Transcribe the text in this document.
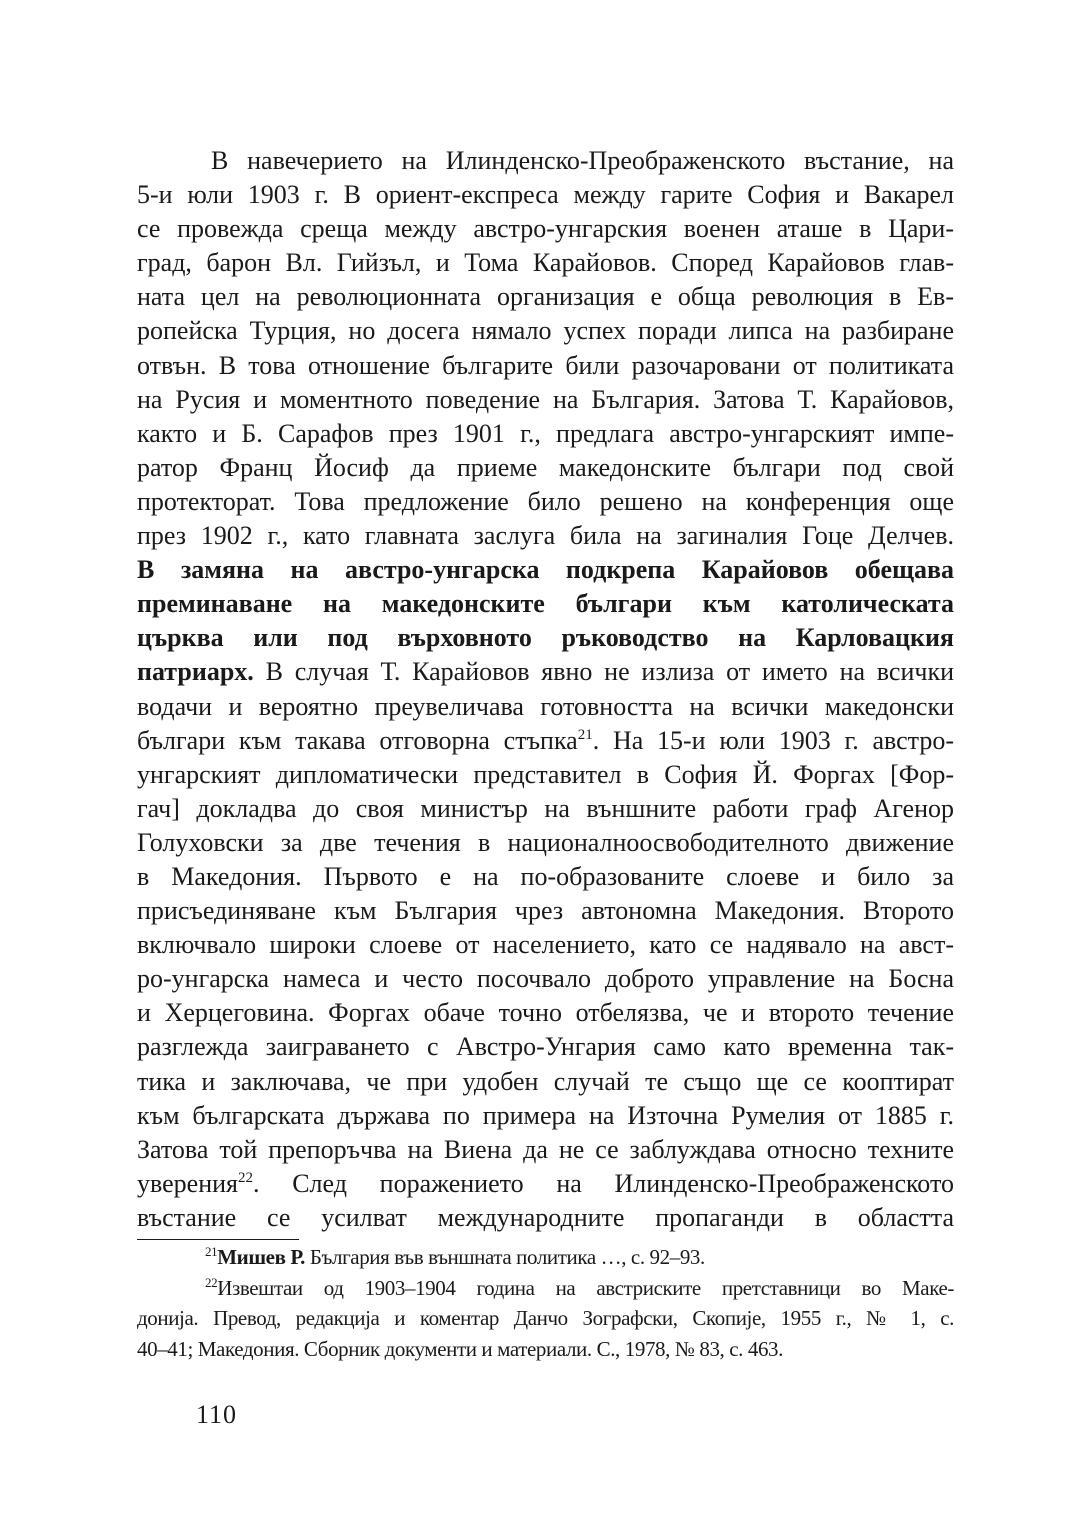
В навечерието на Илинденско-Преображенското въстание, на
5-и юли 1903 г. В ориент-експреса между гарите София и Вакарел
се провежда среща между австро-унгарския военен аташе в Цари-
град, барон Вл. Гийзъл, и Тома Карайовов. Според Карайовов глав-
ната цел на революционната организация е обща революция в Ев-
ропейска Турция, но досега нямало успех поради липса на разбиране
отвън. В това отношение българите били разочаровани от политиката
на Русия и моментното поведение на България. Затова Т. Карайовов,
както и Б. Сарафов през 1901 г., предлага австро-унгарският импе-
ратор Франц Йосиф да приеме македонските българи под свой
протекторат. Това предложение било решено на конференция още
през 1902 г., като главната заслуга била на загиналия Гоце Делчев.
В замяна на австро-унгарска подкрепа Карайовов обещава
преминаване на македонските българи към католическата
църква или под върховното ръководство на Карловацкия
патриарх. В случая Т. Карайовов явно не излиза от името на всички
водачи и вероятно преувеличава готовността на всички македонски
българи към такава отговорна стъпка$^{21}$. На 15-и юли 1903 г. австро-
унгарският дипломатически представител в София Й. Форгах [Фор-
гач] докладва до своя министър на външните работи граф Агенор
Голуховски за две течения в националноосвободителното движение
в Македония. Първото е на по-образованите слоеве и било за
присъединяване към България чрез автономна Македония. Второто
включвало широки слоеве от населението, като се надявало на авст-
ро-унгарска намеса и често посочвало доброто управление на Босна
и Херцеговина. Форгах обаче точно отбелязва, че и второто течение
разглежда заиграването с Австро-Унгария само като временна так-
тика и заключава, че при удобен случай те също ще се кооптират
към българската държава по примера на Източна Румелия от 1885 г.
Затова той препоръчва на Виена да не се заблуждава относно техните
уверения$^{22}$. След поражението на Илинденско-Преображенското
въстание се усилват международните пропаганди в областта
$^{21}$Мишев Р. България във външната политика …, с. 92–93.
$^{22}$Извештаи од 1903–1904 година на австриските претставници во Маке-
донија. Превод, редакција и коментар Данчо Зографски, Скопије, 1955 г., № 1, с.
40–41; Македония. Сборник документи и материали. С., 1978, № 83, с. 463.
110
